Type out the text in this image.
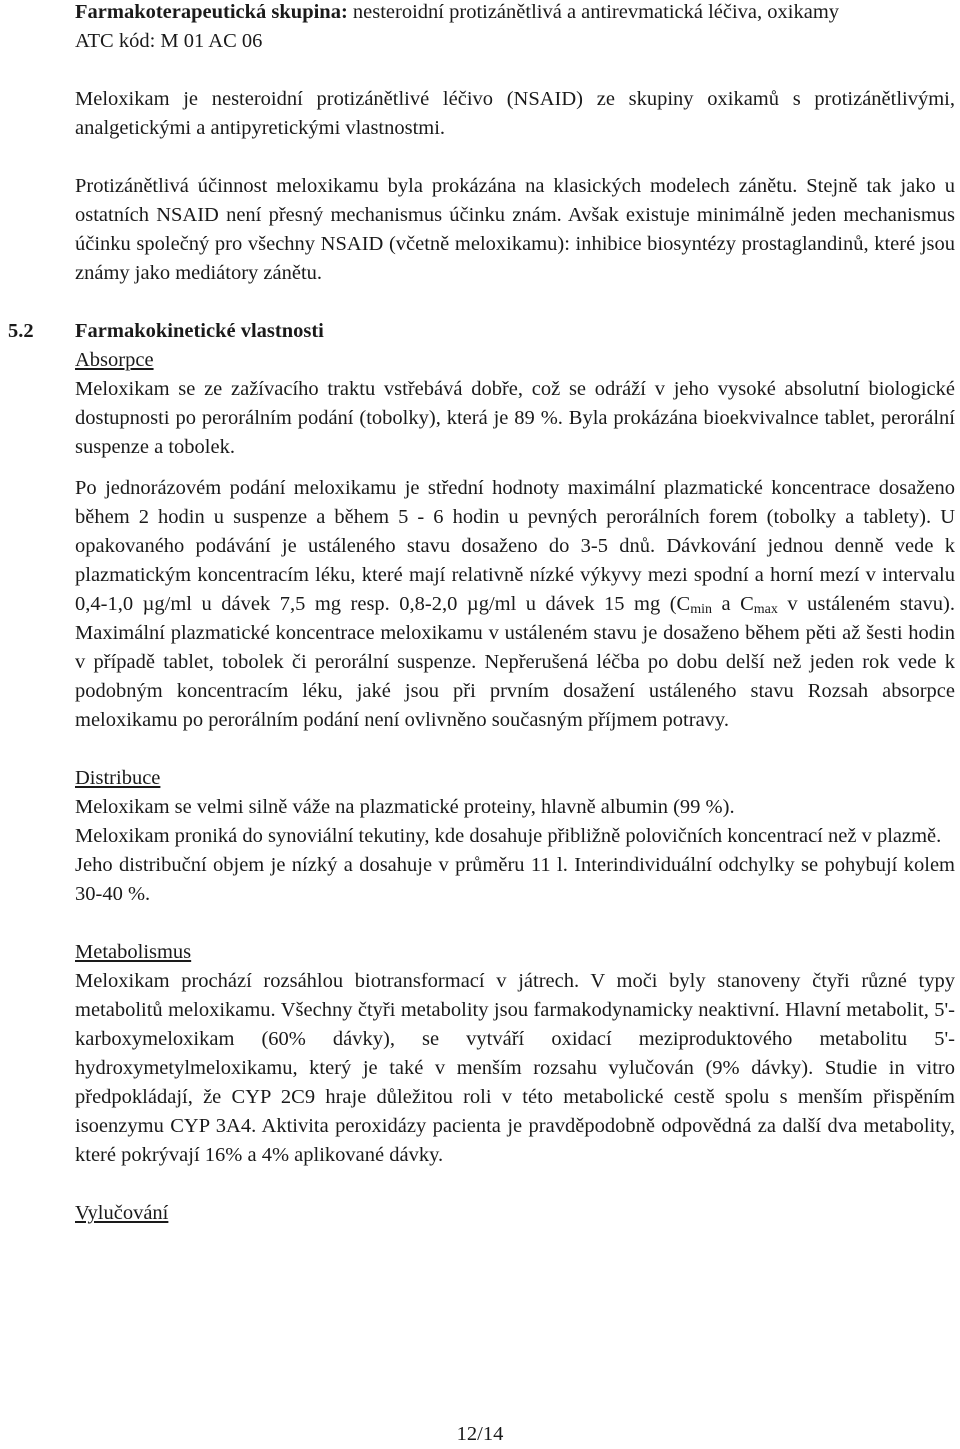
Farmakoterapeutická skupina: nesteroidní protizánětlivá a antirevmatická léčiva, oxikamy

ATC kód: M 01 AC 06

Meloxikam je nesteroidní protizánětlivé léčivo (NSAID) ze skupiny oxikamů s protizánětlivými, analgetickými a antipyretickými vlastnostmi.

Protizánětlivá účinnost meloxikamu byla prokázána na klasických modelech zánětu. Stejně tak jako u ostatních NSAID není přesný mechanismus účinku znám. Avšak existuje minimálně jeden mechanismus účinku společný pro všechny NSAID (včetně meloxikamu): inhibice biosyntézy prostaglandinů, které jsou známy jako mediátory zánětu.

5.2 Farmakokinetické vlastnosti

Absorpce

Meloxikam se ze zažívacího traktu vstřebává dobře, což se odráží v jeho vysoké absolutní biologické dostupnosti po perorálním podání (tobolky), která je 89 %. Byla prokázána bioekvivalnce tablet, perorální suspenze a tobolek.

Po jednorázovém podání meloxikamu je střední hodnoty maximální plazmatické koncentrace dosaženo během 2 hodin u suspenze a během 5 - 6 hodin u pevných perorálních forem (tobolky a tablety). U opakovaného podávání je ustáleného stavu dosaženo do 3-5 dnů. Dávkování jednou denně vede k plazmatickým koncentracím léku, které mají relativně nízké výkyvy mezi spodní a horní mezí v intervalu 0,4-1,0 µg/ml u dávek 7,5 mg resp. 0,8-2,0 µg/ml u dávek 15 mg ($C_{min}$ a $C_{max}$ v ustáleném stavu). Maximální plazmatické koncentrace meloxikamu v ustáleném stavu je dosaženo během pěti až šesti hodin v případě tablet, tobolek či perorální suspenze. Nepřerušená léčba po dobu delší než jeden rok vede k podobným koncentracím léku, jaké jsou při prvním dosažení ustáleného stavu Rozsah absorpce meloxikamu po perorálním podání není ovlivněno současným příjmem potravy.

Distribuce

Meloxikam se velmi silně váže na plazmatické proteiny, hlavně albumin (99 %).

Meloxikam proniká do synoviální tekutiny, kde dosahuje přibližně polovičních koncentrací než v plazmě.

Jeho distribuční objem je nízký a dosahuje v průměru 11 l. Interindividuální odchylky se pohybují kolem 30-40 %.

Metabolismus

Meloxikam prochází rozsáhlou biotransformací v játrech. V moči byly stanoveny čtyři různé typy metabolitů meloxikamu. Všechny čtyři metabolity jsou farmakodynamicky neaktivní. Hlavní metabolit, 5'-karboxymeloxikam (60% dávky), se vytváří oxidací meziproduktového metabolitu 5'- hydroxymetylmeloxikamu, který je také v menším rozsahu vylučován (9% dávky). Studie in vitro předpokládají, že CYP 2C9 hraje důležitou roli v této metabolické cestě spolu s menším přispěním isoenzymu CYP 3A4. Aktivita peroxidázy pacienta je pravděpodobně odpovědná za další dva metabolity, které pokrývají 16% a 4% aplikované dávky.

Vylučování

12/14
